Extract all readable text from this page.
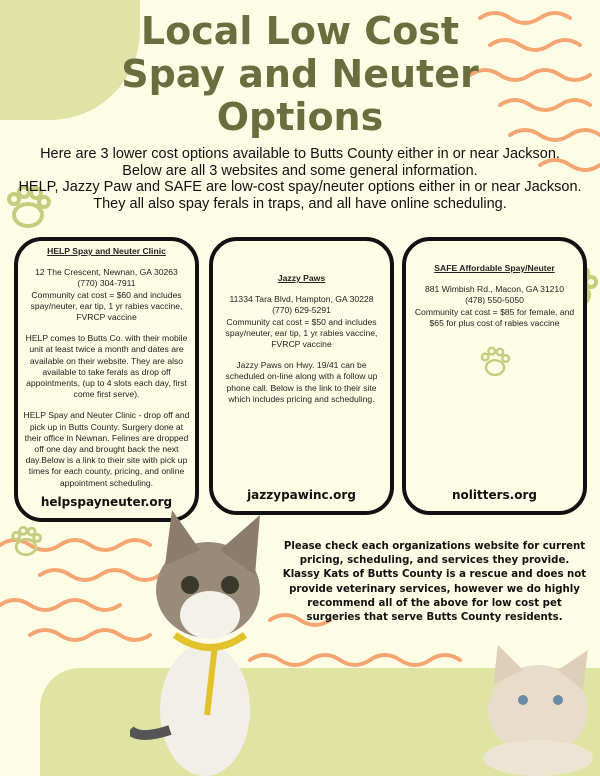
Local Low Cost
Spay and Neuter
Options
Here are 3 lower cost options available to Butts County either in or near Jackson.
Below are all 3 websites and some general information.
HELP, Jazzy Paw and SAFE are low-cost spay/neuter options either in or near Jackson.
They all also spay ferals in traps, and all have online scheduling.
HELP Spay and Neuter Clinic

12 The Crescent, Newnan, GA 30263
(770) 304-7911
Community cat cost = $60 and includes spay/neuter, ear tip, 1 yr rabies vaccine, FVRCP vaccine

HELP comes to Butts Co. with their mobile unit at least twice a month and dates are available on their website. They are also available to take ferals as drop off appointments, (up to 4 slots each day, first come first serve).

HELP Spay and Neuter Clinic - drop off and pick up in Butts County. Surgery done at their office in Newnan. Felines are dropped off one day and brought back the next day.Below is a link to their site with pick up times for each county, pricing, and online appointment scheduling.

helpspayneuter.org
Jazzy Paws

11334 Tara Blvd, Hampton, GA 30228
(770) 629-5291
Community cat cost = $50 and includes spay/neuter, ear tip, 1 yr rabies vaccine, FVRCP vaccine

Jazzy Paws on Hwy. 19/41 can be scheduled on-line along with a follow up phone call. Below is the link to their site which includes pricing and scheduling.

jazzypawinc.org
SAFE Affordable Spay/Neuter

881 Wimbish Rd., Macon, GA 31210
(478) 550-5050
Community cat cost = $85 for female, and $65 for plus cost of rabies vaccine

nolitters.org
Please check each organizations website for current pricing, scheduling, and services they provide. Klassy Kats of Butts County is a rescue and does not provide veterinary services, however we do highly recommend all of the above for low cost pet surgeries that serve Butts County residents.
